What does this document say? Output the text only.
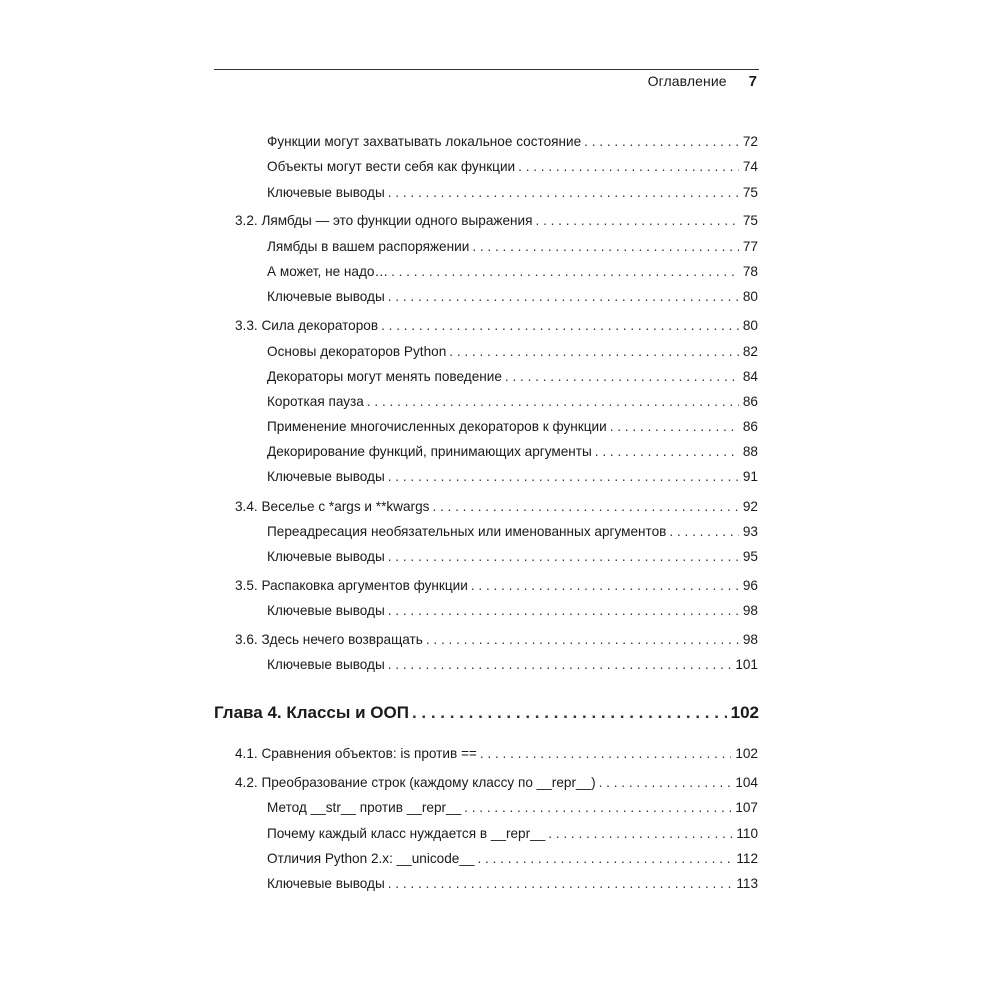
Оглавление 7
Функции могут захватывать локальное состояние . . .	72
Объекты могут вести себя как функции . . .	74
Ключевые выводы . . .	75
3.2. Лямбды — это функции одного выражения . . .	75
Лямбды в вашем распоряжении . . .	77
А может, не надо… . . .	78
Ключевые выводы . . .	80
3.3. Сила декораторов . . .	80
Основы декораторов Python . . .	82
Декораторы могут менять поведение . . .	84
Короткая пауза . . .	86
Применение многочисленных декораторов к функции . . .	86
Декорирование функций, принимающих аргументы . . .	88
Ключевые выводы . . .	91
3.4. Веселье с *args и **kwargs . . .	92
Переадресация необязательных или именованных аргументов . . .	93
Ключевые выводы . . .	95
3.5. Распаковка аргументов функции . . .	96
Ключевые выводы . . .	98
3.6. Здесь нечего возвращать . . .	98
Ключевые выводы . . .	101
Глава 4. Классы и ООП . . .	102
4.1. Сравнения объектов: is против == . . .	102
4.2. Преобразование строк (каждому классу по __repr__) . . .	104
Метод __str__ против __repr__ . . .	107
Почему каждый класс нуждается в __repr__ . . .	110
Отличия Python 2.x: __unicode__ . . .	112
Ключевые выводы . . .	113
